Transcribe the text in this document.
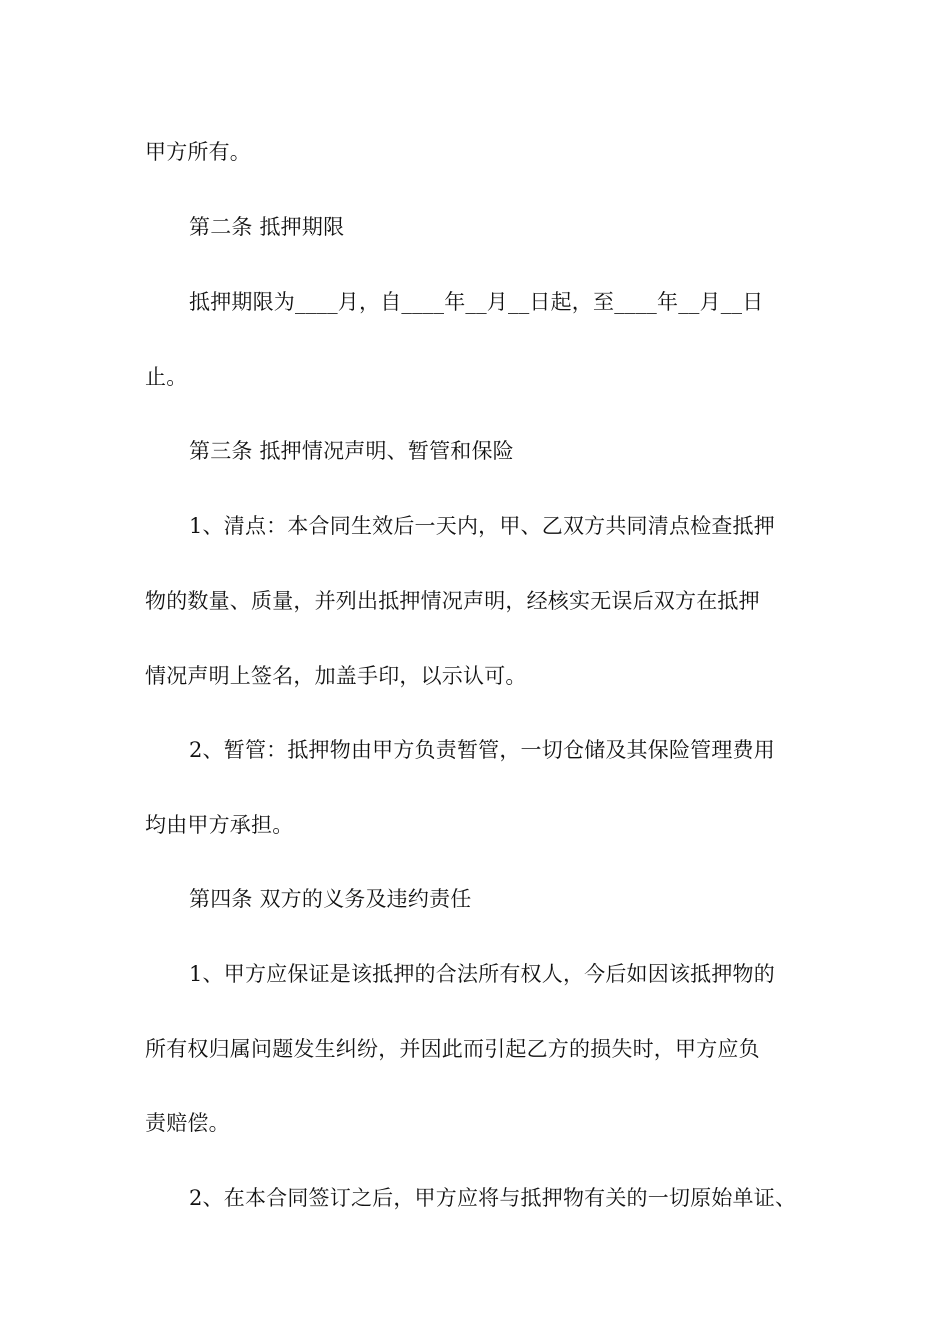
甲方所有。
第二条 抵押期限
抵押期限为____月，自____年__月__日起，至____年__月__日
止。
第三条 抵押情况声明、暂管和保险
1、清点：本合同生效后一天内，甲、乙双方共同清点检查抵押
物的数量、质量，并列出抵押情况声明，经核实无误后双方在抵押
情况声明上签名，加盖手印，以示认可。
2、暂管：抵押物由甲方负责暂管，一切仓储及其保险管理费用
均由甲方承担。
第四条 双方的义务及违约责任
1、甲方应保证是该抵押的合法所有权人，今后如因该抵押物的
所有权归属问题发生纠纷，并因此而引起乙方的损失时，甲方应负
责赔偿。
2、在本合同签订之后，甲方应将与抵押物有关的一切原始单证、
